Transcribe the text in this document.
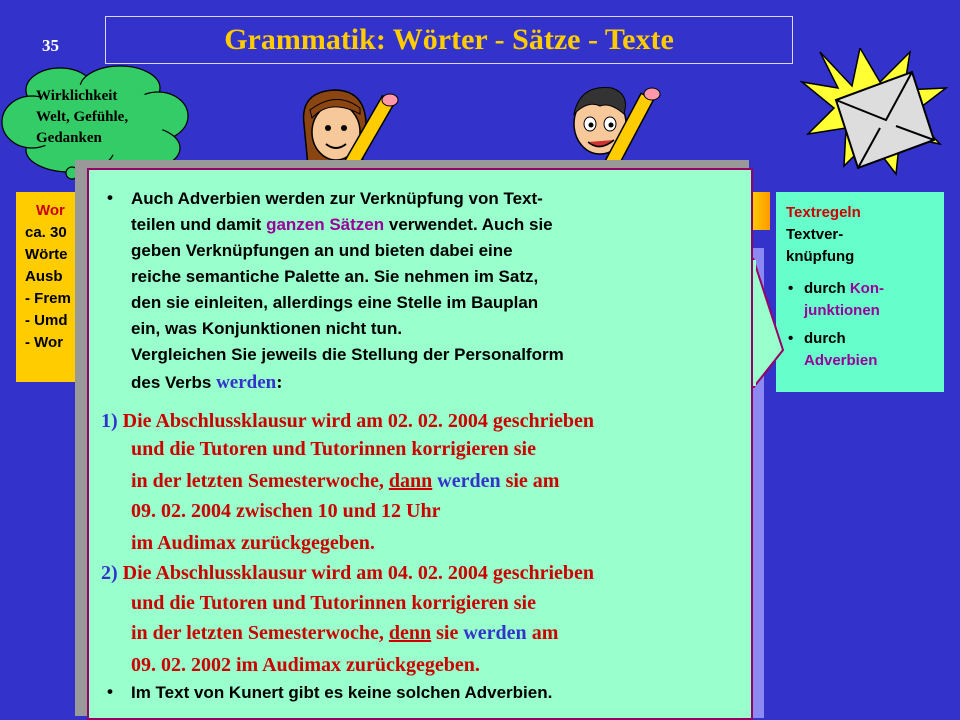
35	Grammatik: Wörter - Sätze - Texte
Wirklichkeit
Welt, Gefühle,
Gedanken
Wor
ca. 30
Wörte
Ausb
- Frem
- Umd
- Wor
Textregeln
Textver-
knüpfung
• durch Kon-
junktionen
• durch
Adverbien
• Auch Adverbien werden zur Verknüpfung von Text-
teilen und damit ganzen Sätzen verwendet. Auch sie
geben Verknüpfungen an und bieten dabei eine
reiche semantiche Palette an. Sie nehmen im Satz,
den sie einleiten, allerdings eine Stelle im Bauplan
ein, was Konjunktionen nicht tun.
Vergleichen Sie jeweils die Stellung der Personalform
des Verbs werden:
1) Die Abschlussklausur wird am 02. 02. 2004 geschrieben
und die Tutoren und Tutorinnen korrigieren sie
in der letzten Semesterwoche, dann werden sie am
09. 02. 2004 zwischen 10 und 12 Uhr
im Audimax zurückgegeben.
2) Die Abschlussklausur wird am 04. 02. 2004 geschrieben
und die Tutoren und Tutorinnen korrigieren sie
in der letzten Semesterwoche, denn sie werden am
09. 02. 2002 im Audimax zurückgegeben.
• Im Text von Kunert gibt es keine solchen Adverbien.
